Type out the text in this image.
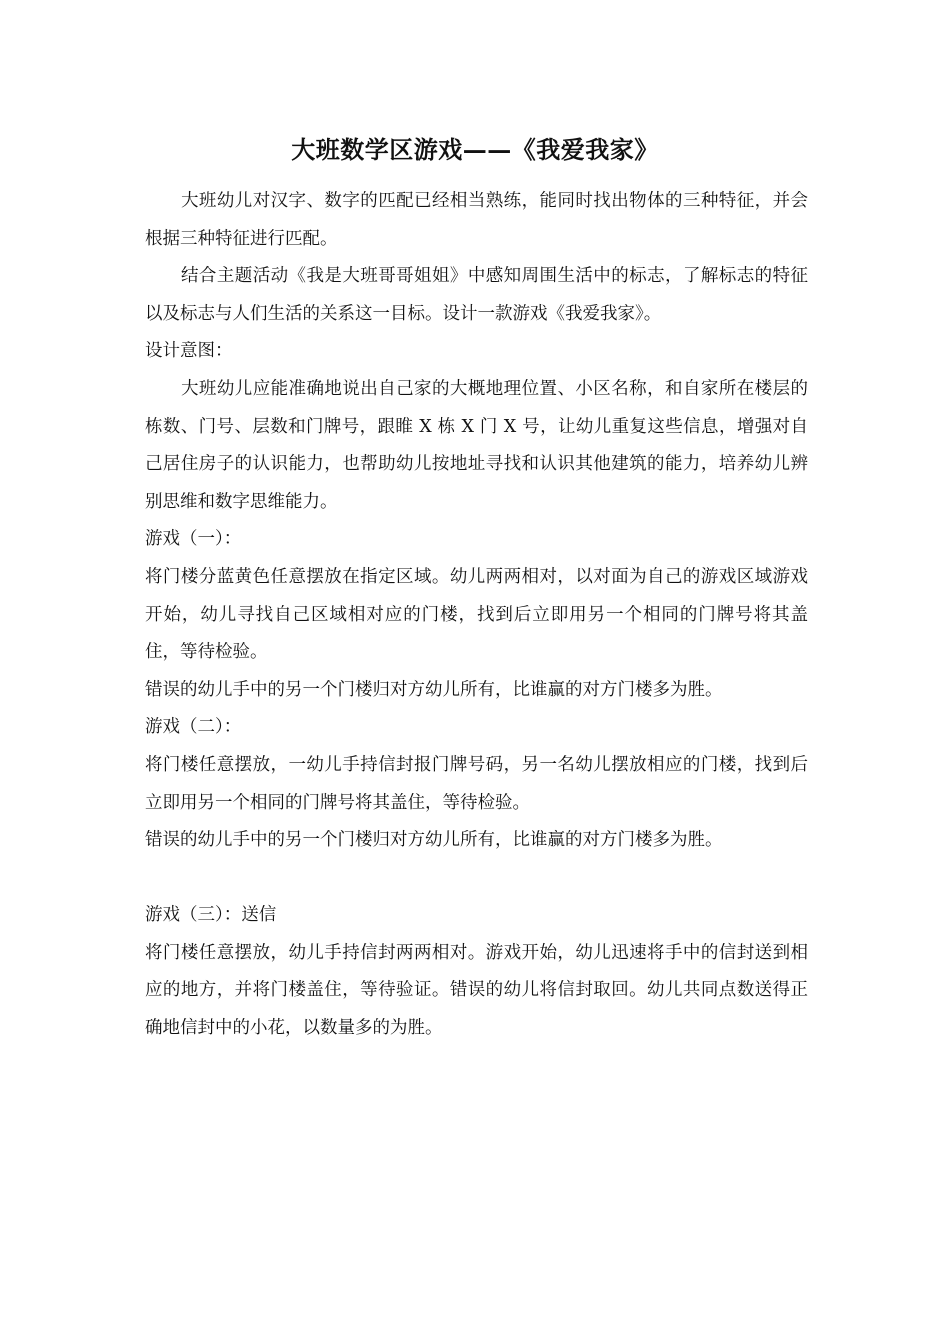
大班数学区游戏——《我爱我家》

大班幼儿对汉字、数字的匹配已经相当熟练，能同时找出物体的三种特征，并会根据三种特征进行匹配。

结合主题活动《我是大班哥哥姐姐》中感知周围生活中的标志，了解标志的特征以及标志与人们生活的关系这一目标。设计一款游戏《我爱我家》。

设计意图：

大班幼儿应能准确地说出自己家的大概地理位置、小区名称，和自家所在楼层的栋数、门号、层数和门牌号，跟睢 X 栋 X 门 X 号，让幼儿重复这些信息，增强对自己居住房子的认识能力，也帮助幼儿按地址寻找和认识其他建筑的能力，培养幼儿辨别思维和数字思维能力。

游戏（一）：

将门楼分蓝黄色任意摆放在指定区域。幼儿两两相对，以对面为自己的游戏区域游戏开始，幼儿寻找自己区域相对应的门楼，找到后立即用另一个相同的门牌号将其盖住，等待检验。

错误的幼儿手中的另一个门楼归对方幼儿所有，比谁赢的对方门楼多为胜。

游戏（二）：

将门楼任意摆放，一幼儿手持信封报门牌号码，另一名幼儿摆放相应的门楼，找到后立即用另一个相同的门牌号将其盖住，等待检验。

错误的幼儿手中的另一个门楼归对方幼儿所有，比谁赢的对方门楼多为胜。

游戏（三）：送信

将门楼任意摆放，幼儿手持信封两两相对。游戏开始，幼儿迅速将手中的信封送到相应的地方，并将门楼盖住，等待验证。错误的幼儿将信封取回。幼儿共同点数送得正确地信封中的小花，以数量多的为胜。
